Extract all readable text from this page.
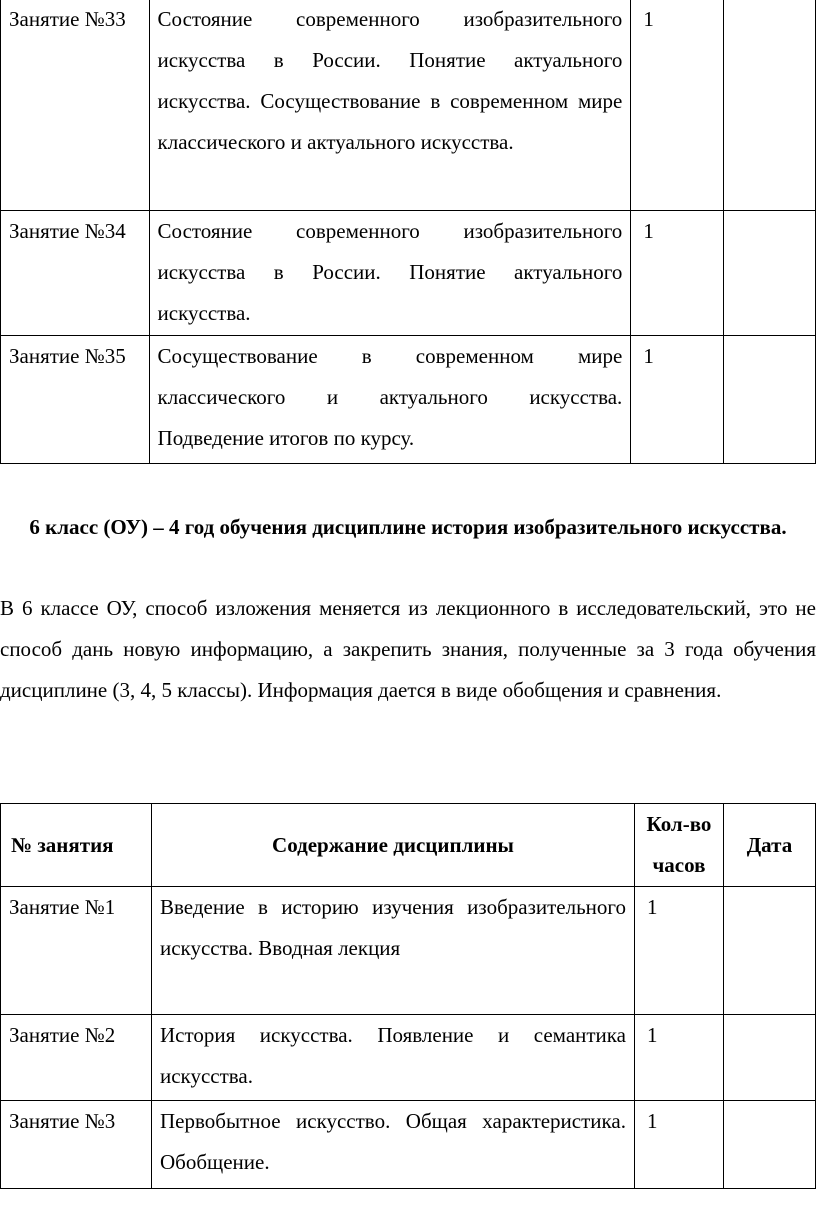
Занятие №33	Состояние современного изобразительного искусства в России. Понятие актуального искусства. Сосуществование в современном мире классического и актуального искусства.	1	
Занятие №34	Состояние современного изобразительного искусства в России. Понятие актуального искусства.	1	
Занятие №35	Сосуществование в современном мире классического и актуального искусства. Подведение итогов по курсу.	1	
6 класс (ОУ) – 4 год обучения дисциплине история изобразительного искусства.
В 6 классе ОУ, способ изложения меняется из лекционного в исследовательский, это не способ дань новую информацию, а закрепить знания, полученные за 3 года обучения дисциплине (3, 4, 5 классы). Информация дается в виде обобщения и сравнения.
№ занятия	Содержание дисциплины	Кол-во часов	Дата
Занятие №1	Введение в историю изучения изобразительного искусства. Вводная лекция	1	
Занятие №2	История искусства. Появление и семантика искусства.	1	
Занятие №3	Первобытное искусство. Общая характеристика. Обобщение.	1	
